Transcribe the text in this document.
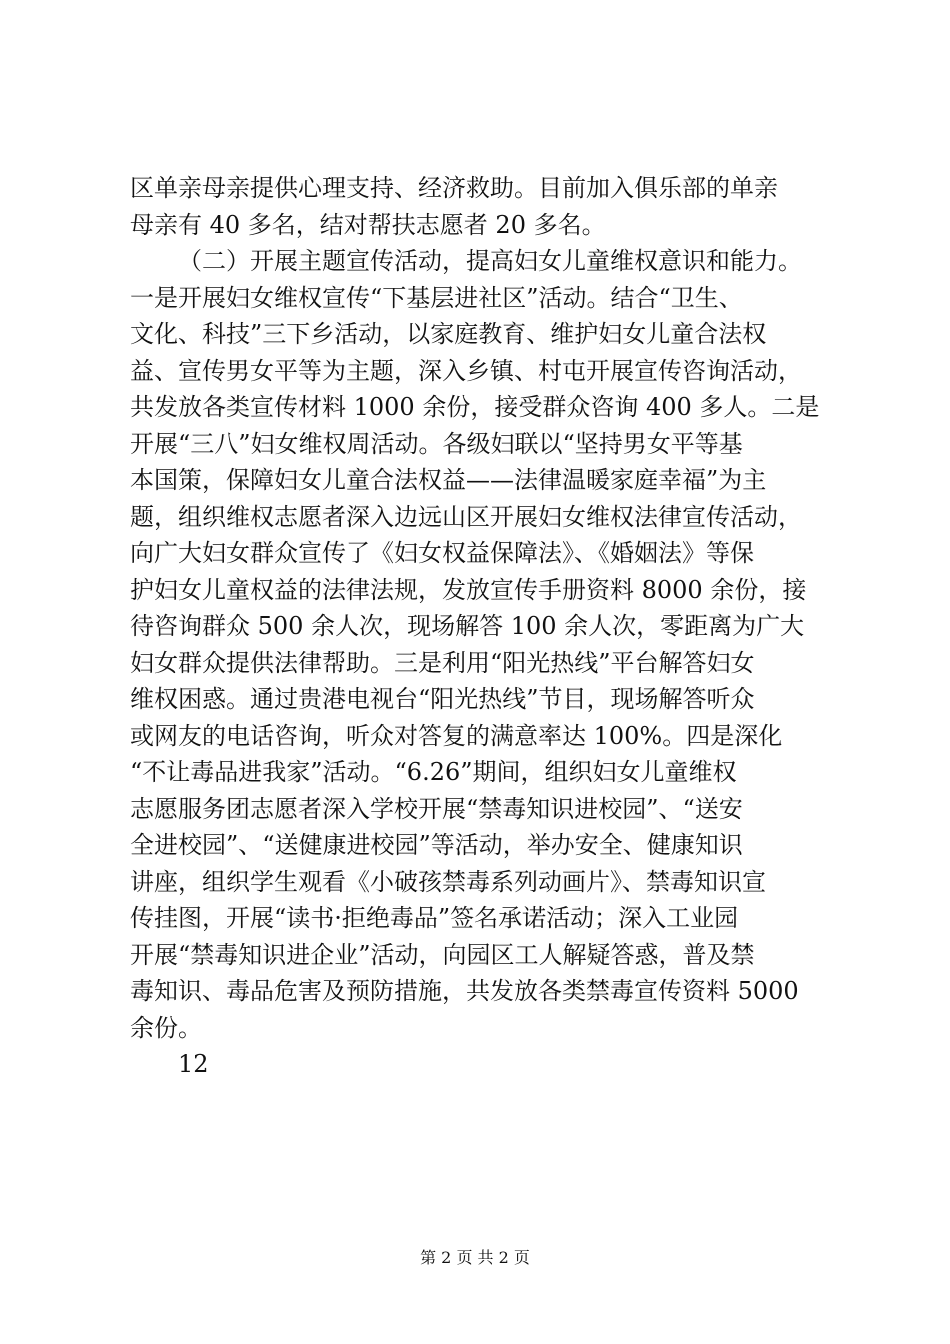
区单亲母亲提供心理支持、经济救助。目前加入俱乐部的单亲
母亲有 40 多名，结对帮扶志愿者 20 多名。
（二）开展主题宣传活动，提高妇女儿童维权意识和能力。
一是开展妇女维权宣传“下基层进社区”活动。结合“卫生、
文化、科技”三下乡活动，以家庭教育、维护妇女儿童合法权
益、宣传男女平等为主题，深入乡镇、村屯开展宣传咨询活动，
共发放各类宣传材料 1000 余份，接受群众咨询 400 多人。二是
开展“三八”妇女维权周活动。各级妇联以“坚持男女平等基
本国策，保障妇女儿童合法权益——法律温暖家庭幸福”为主
题，组织维权志愿者深入边远山区开展妇女维权法律宣传活动，
向广大妇女群众宣传了《妇女权益保障法》、《婚姻法》等保
护妇女儿童权益的法律法规，发放宣传手册资料 8000 余份，接
待咨询群众 500 余人次，现场解答 100 余人次，零距离为广大
妇女群众提供法律帮助。三是利用“阳光热线”平台解答妇女
维权困惑。通过贵港电视台“阳光热线”节目，现场解答听众
或网友的电话咨询，听众对答复的满意率达 100%。四是深化
“不让毒品进我家”活动。“6.26”期间，组织妇女儿童维权
志愿服务团志愿者深入学校开展“禁毒知识进校园”、“送安
全进校园”、“送健康进校园”等活动，举办安全、健康知识
讲座，组织学生观看《小破孩禁毒系列动画片》、禁毒知识宣
传挂图，开展“读书·拒绝毒品”签名承诺活动；深入工业园
开展“禁毒知识进企业”活动，向园区工人解疑答惑，普及禁
毒知识、毒品危害及预防措施，共发放各类禁毒宣传资料 5000
余份。
12
第 2 页 共 2 页
